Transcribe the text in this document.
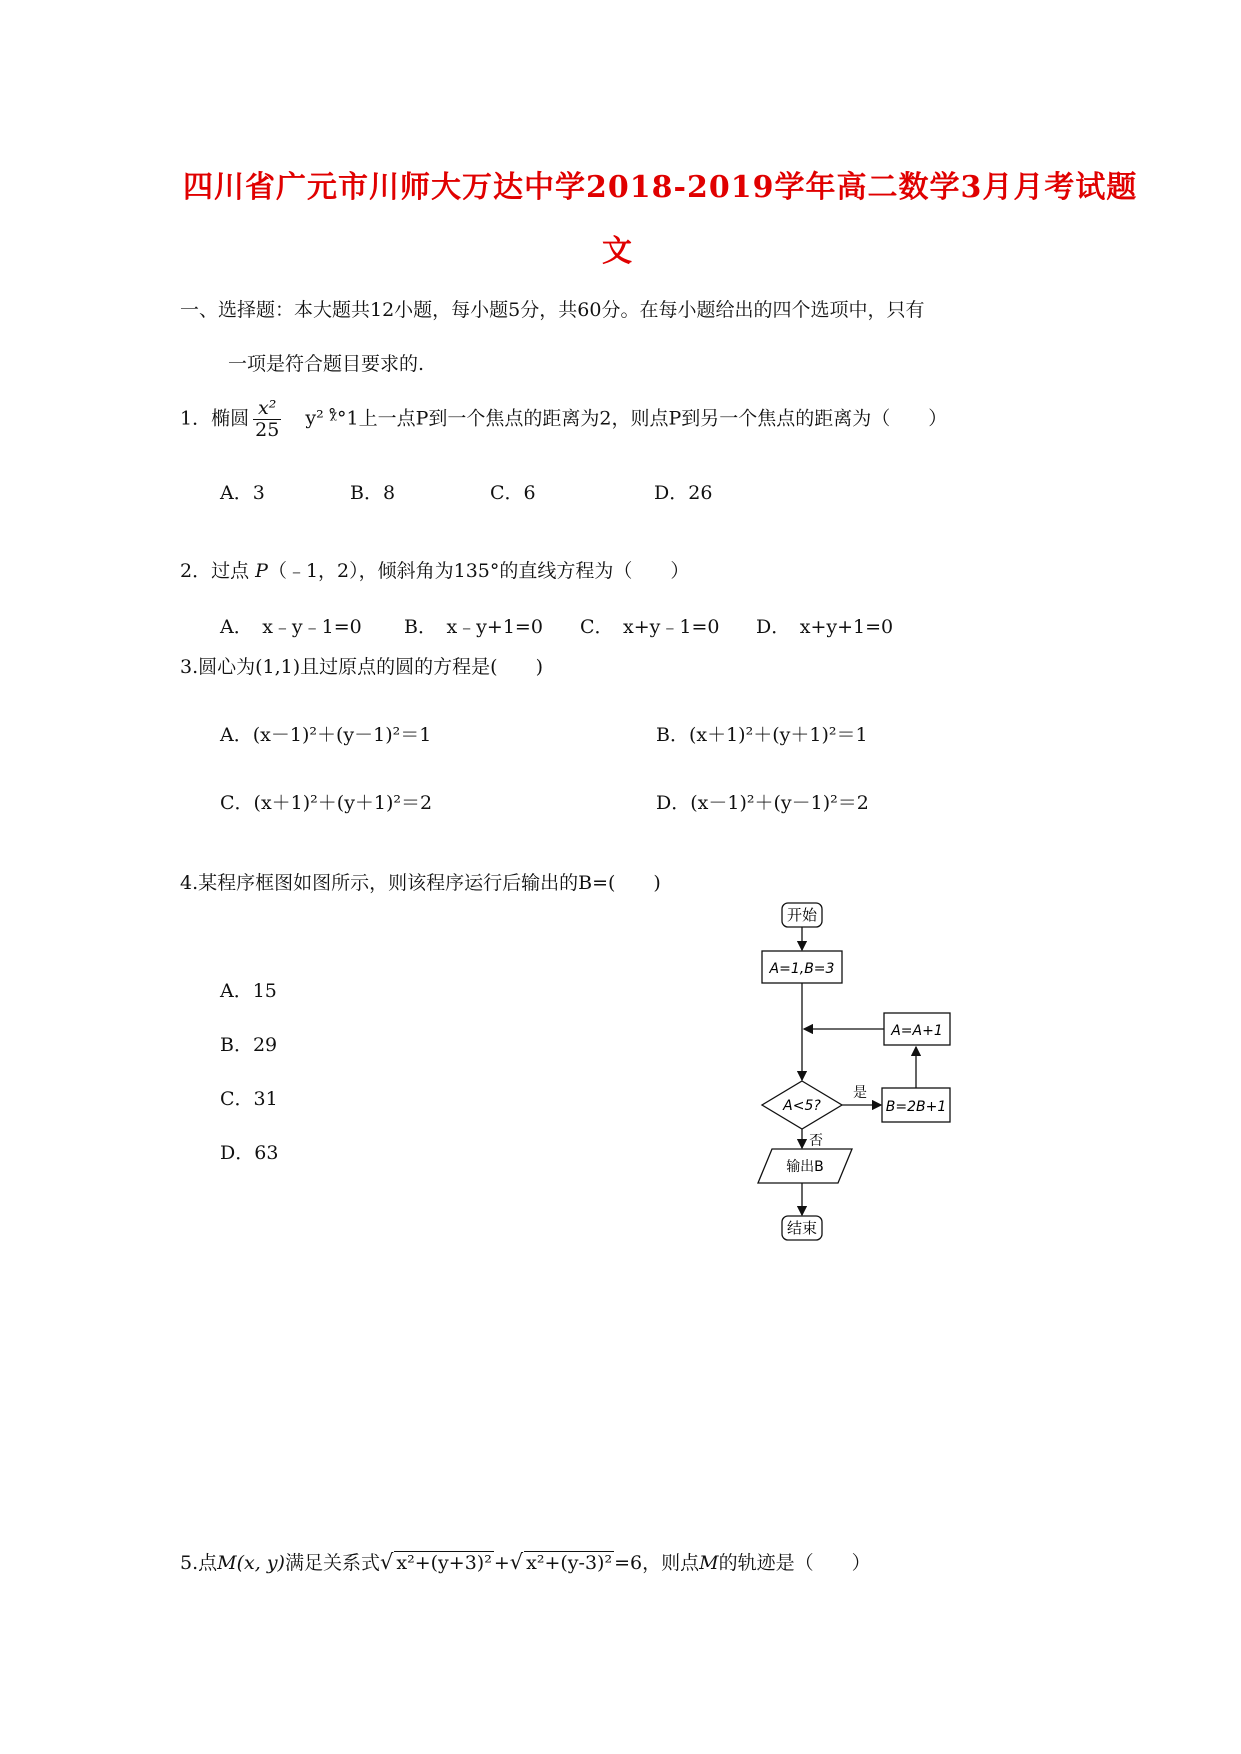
四川省广元市川师大万达中学2018-2019学年高二数学3月月考试题
文
一、选择题：本大题共12小题，每小题5分，共60分。在每小题给出的四个选项中，只有
一项是符合题目要求的.
1．椭圆 $\frac{\text{x²}}{25} y^2$ ᵡ̊°1上一点P到一个焦点的距离为2，则点P到另一个焦点的距离为（　　）
A．3	B．8	C．6	D．26
2．过点 P（﹣1，2），倾斜角为135°的直线方程为（　　）
A．　x﹣y﹣1=0 B．　x﹣y+1=0 C．　x+y﹣1=0 D．　x+y+1=0
3.圆心为(1,1)且过原点的圆的方程是(　　)
A．(x－1)²＋(y－1)²＝1	B．(x＋1)²＋(y＋1)²＝1
C．(x＋1)²＋(y＋1)²＝2	D．(x－1)²＋(y－1)²＝2
4.某程序框图如图所示，则该程序运行后输出的B=(　　)
A．15
B．29
C．31
D．63
开始
A=1,B=3
A=A+1
A<5?
是
B=2B+1
否
输出B
结束
5.点M(x, y)满足关系式√ x²+(y+3)² +√ x²+(y-3)² =6，则点M的轨迹是（　　）
